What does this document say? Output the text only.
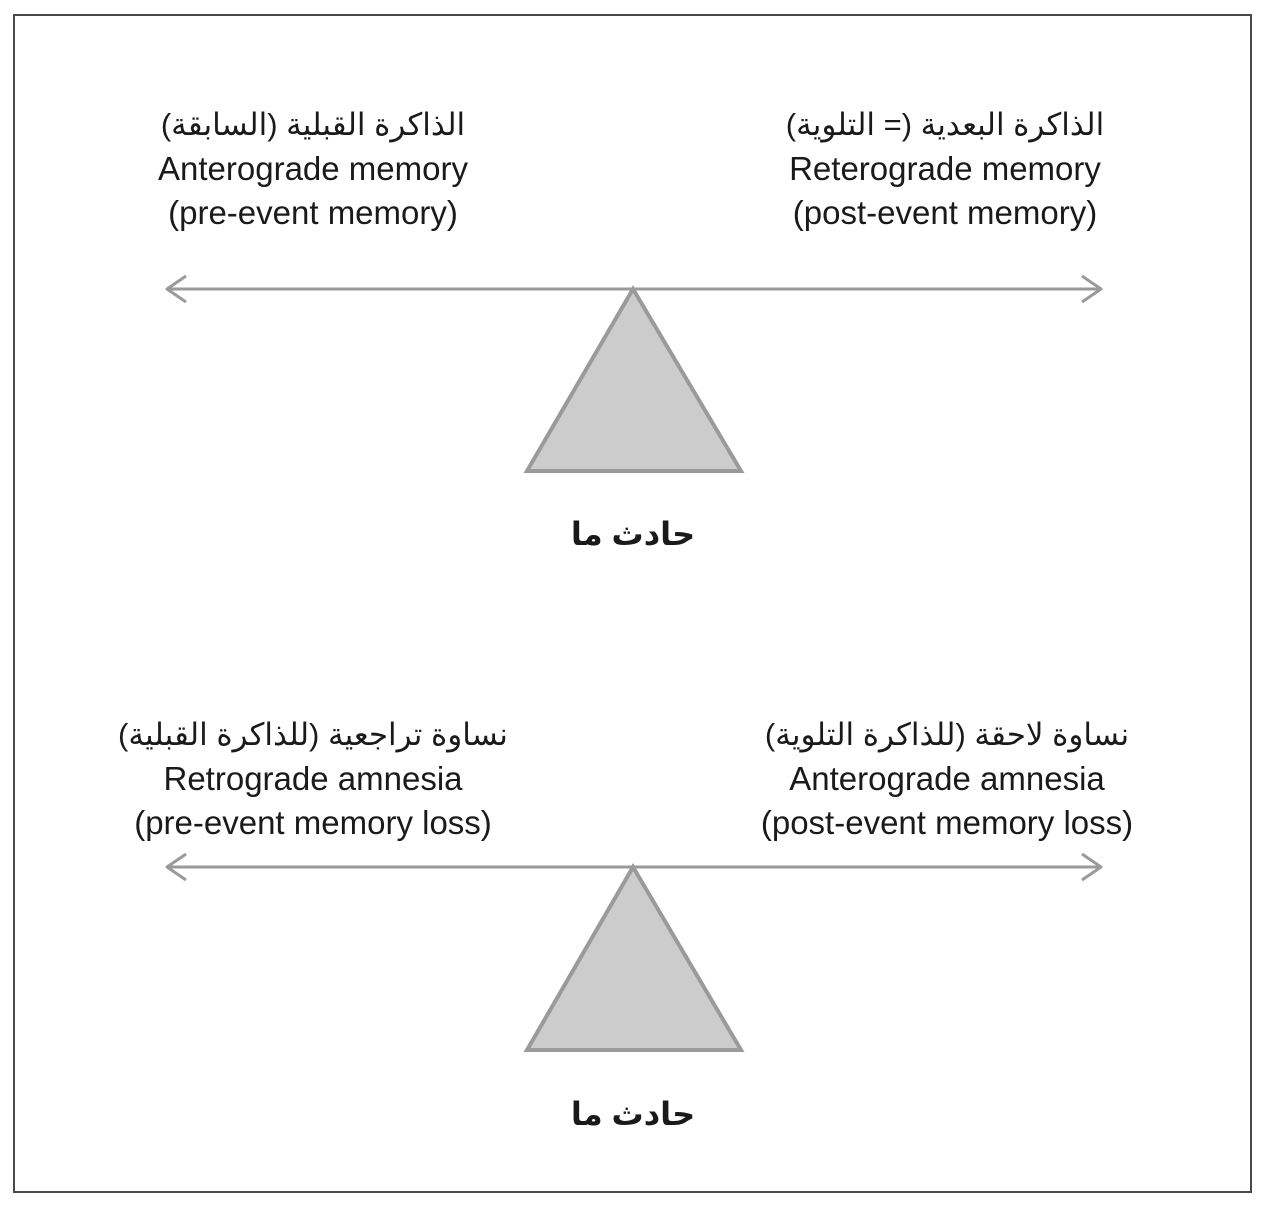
الذاكرة القبلية (السابقة)
Anterograde memory
(pre-event memory)
الذاكرة البعدية (= التلوية)
Reterograde memory
(post-event memory)
حادث ما
نساوة تراجعية (للذاكرة القبلية)
Retrograde amnesia
(pre-event memory loss)
نساوة لاحقة (للذاكرة التلوية)
Anterograde amnesia
(post-event memory loss)
حادث ما
